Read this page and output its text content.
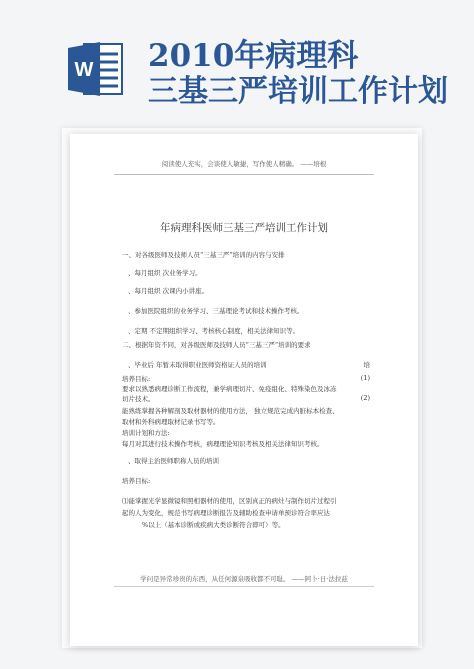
W 2010年病理科
三基三严培训工作计划
阅读使人充实，会谈使人敏捷，写作使人精确。 ——培根
年病理科医师三基三严培训工作计划
一、对各级医师及技师人员“三基三严”培训的内容与安排
、每月组织 次业务学习。
、每月组织 次课内小讲座。
、参加医院组织的业务学习、三基理论考试和技术操作考核。
、定期 不定期组织学习、考核核心制度，相关法律知识等。
二、根据年资不同，对各级医师及技师人员“三基三严”培训的要求
、毕业后 年暂未取得职业医师资格证人员的培训	培
培养目标:	(1)
要求以熟悉病理诊断工作流程，兼学病理切片、免疫组化、特殊染色及冰冻
切片技术。	(2)
能熟练掌握各种解剖及取材器材的使用方法， 独立规范完成内脏标本检查、
取材和外科病理取材记录书写等。
培训计划和方法:
每月对其进行技术操作考核，病理理论知识考核及相关法律知识考核。
、取得主治医师职称人员的培训
培养目标:
⑴能掌握光学显微镜和照相器材的使用，区别真正的病灶与制作切片过程引
起的人为变化，规范书写病理诊断报告及辅助检查申请单预诊符合率应达
%以上（基本诊断或疾病大类诊断符合即可）等。
学问是异常珍贵的东西，从任何源泉吸收都不可耻。 ——阿卜·日·法拉兹
